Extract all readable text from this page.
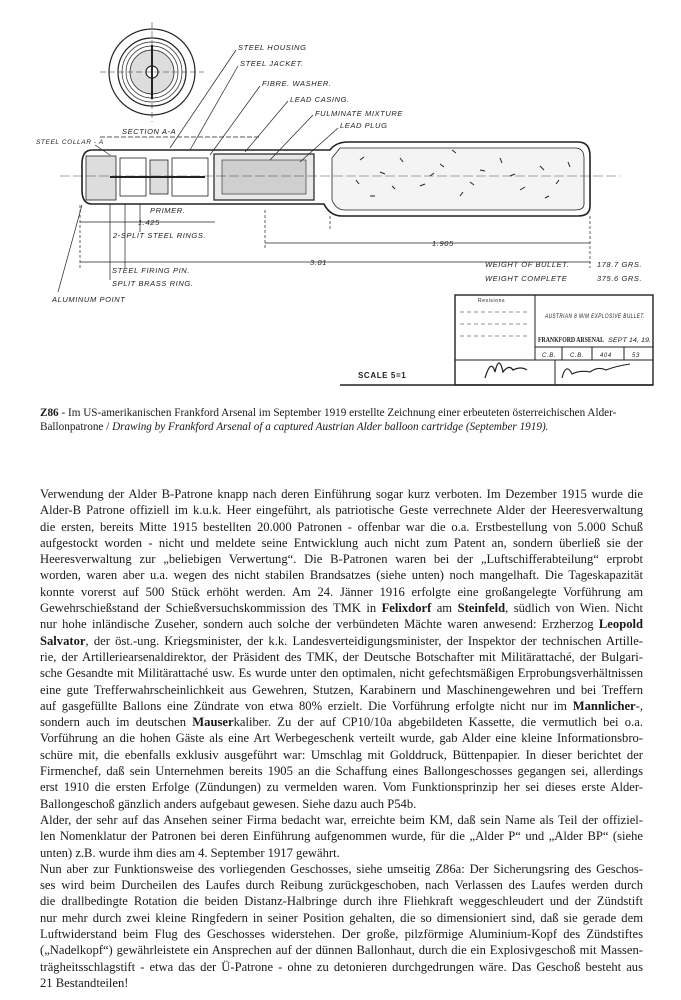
STEEL HOUSING
STEEL JACKET.
FIBRE. WASHER.
LEAD CASING.
FULMINATE MIXTURE
LEAD PLUG
SECTION A-A
STEEL COLLAR - A
PRIMER.
1.425
2-SPLIT STEEL RINGS.
1.905
3.01
STEEL FIRING PIN.
SPLIT BRASS RING.
ALUMINUM POINT
WEIGHT OF BULLET.	178.7 GRS.
WEIGHT COMPLETE	375.6 GRS.
SCALE 5=1
Revisions
AUSTRIAN 8 M/M EXPLOSIVE BULLET.
FRANKFORD ARSENAL SEPT 14, 19.
C.B. C.B.	404	53
Z86 - Im US-amerikanischen Frankford Arsenal im September 1919 erstellte Zeichnung einer erbeuteten österreichischen Alder-Ballonpatrone / Drawing by Frankford Arsenal of a captured Austrian Alder balloon cartridge (September 1919).
Verwendung der Alder B-Patrone knapp nach deren Einführung sogar kurz verboten. Im Dezember 1915 wurde die
Alder-B Patrone offiziell im k.u.k. Heer eingeführt, als patriotische Geste verrechnete Alder der Heeresverwaltung
die ersten, bereits Mitte 1915 bestellten 20.000 Patronen - offenbar war die o.a. Erstbestellung von 5.000 Schuß
aufgestockt worden - nicht und meldete seine Entwicklung auch nicht zum Patent an, sondern überließ sie der
Heeresverwaltung zur „beliebigen Verwertung“. Die B-Patronen waren bei der „Luftschifferabteilung“ erprobt
worden, waren aber u.a. wegen des nicht stabilen Brandsatzes (siehe unten) noch mangelhaft. Die Tageskapazität
konnte vorerst auf 500 Stück erhöht werden. Am 24. Jänner 1916 erfolgte eine großangelegte Vorführung am
Gewehrschießstand der Schießversuchskommission des TMK in Felixdorf am Steinfeld, südlich von Wien. Nicht
nur hohe inländische Zuseher, sondern auch solche der verbündeten Mächte waren anwesend: Erzherzog Leopold
Salvator, der öst.-ung. Kriegsminister, der k.k. Landesverteidigungsminister, der Inspektor der technischen Artille-
rie, der Artilleriearsenaldirektor, der Präsident des TMK, der Deutsche Botschafter mit Militärattaché, der Bulgari-
sche Gesandte mit Militärattaché usw. Es wurde unter den optimalen, nicht gefechtsmäßigen Erprobungsverhältnissen
eine gute Trefferwahrscheinlichkeit aus Gewehren, Stutzen, Karabinern und Maschinengewehren und bei Treffern
auf gasgefüllte Ballons eine Zündrate von etwa 80% erzielt. Die Vorführung erfolgte nicht nur im Mannlicher-,
sondern auch im deutschen Mauserkaliber. Zu der auf CP10/10a abgebildeten Kassette, die vermutlich bei o.a.
Vorführung an die hohen Gäste als eine Art Werbegeschenk verteilt wurde, gab Alder eine kleine Informationsbro-
schüre mit, die ebenfalls exklusiv ausgeführt war: Umschlag mit Golddruck, Büttenpapier. In dieser berichtet der
Firmenchef, daß sein Unternehmen bereits 1905 an die Schaffung eines Ballongeschosses gegangen sei, allerdings
erst 1910 die ersten Erfolge (Zündungen) zu vermelden waren. Vom Funktionsprinzip her sei dieses erste Alder-
Ballongeschoß gänzlich anders aufgebaut gewesen. Siehe dazu auch P54b.
Alder, der sehr auf das Ansehen seiner Firma bedacht war, erreichte beim KM, daß sein Name als Teil der offiziel-
len Nomenklatur der Patronen bei deren Einführung aufgenommen wurde, für die „Alder P“ und „Alder BP“ (siehe
unten) z.B. wurde ihm dies am 4. September 1917 gewährt.
Nun aber zur Funktionsweise des vorliegenden Geschosses, siehe umseitig Z86a: Der Sicherungsring des Geschos-
ses wird beim Durcheilen des Laufes durch Reibung zurückgeschoben, nach Verlassen des Laufes werden durch
die drallbedingte Rotation die beiden Distanz-Halbringe durch ihre Fliehkraft weggeschleudert und der Zündstift
nur mehr durch zwei kleine Ringfedern in seiner Position gehalten, die so dimensioniert sind, daß sie gerade dem
Luftwiderstand beim Flug des Geschosses widerstehen. Der große, pilzförmige Aluminium-Kopf des Zündstiftes
(„Nadelkopf“) gewährleistete ein Ansprechen auf der dünnen Ballonhaut, durch die ein Explosivgeschoß mit Massen-
trägheitsschlagstift - etwa das der Ü-Patrone - ohne zu detonieren durchgedrungen wäre. Das Geschoß besteht aus
21 Bestandteilen!
